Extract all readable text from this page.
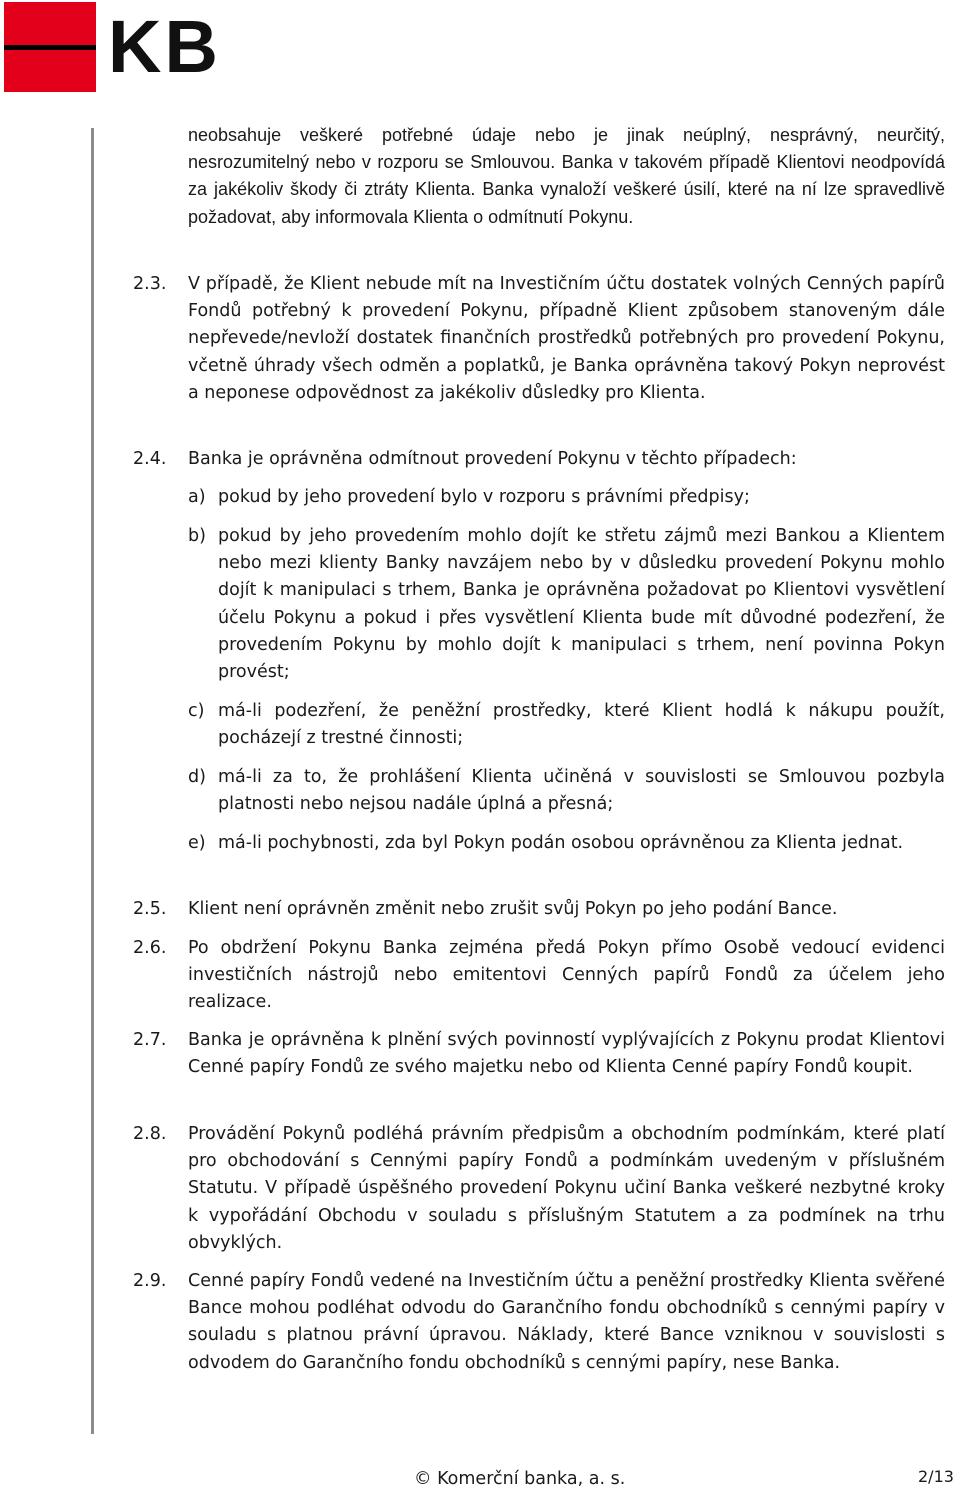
KB

neobsahuje veškeré potřebné údaje nebo je jinak neúplný, nesprávný, neurčitý, nesrozumitelný nebo v rozporu se Smlouvou. Banka v takovém případě Klientovi neodpovídá za jakékoliv škody či ztráty Klienta. Banka vynaloží veškeré úsilí, které na ní lze spravedlivě požadovat, aby informovala Klienta o odmítnutí Pokynu.

2.3. V případě, že Klient nebude mít na Investičním účtu dostatek volných Cenných papírů Fondů potřebný k provedení Pokynu, případně Klient způsobem stanoveným dále nepřevede/nevloží dostatek finančních prostředků potřebných pro provedení Pokynu, včetně úhrady všech odměn a poplatků, je Banka oprávněna takový Pokyn neprovést a neponese odpovědnost za jakékoliv důsledky pro Klienta.

2.4. Banka je oprávněna odmítnout provedení Pokynu v těchto případech:

a) pokud by jeho provedení bylo v rozporu s právními předpisy;

b) pokud by jeho provedením mohlo dojít ke střetu zájmů mezi Bankou a Klientem nebo mezi klienty Banky navzájem nebo by v důsledku provedení Pokynu mohlo dojít k manipulaci s trhem, Banka je oprávněna požadovat po Klientovi vysvětlení účelu Pokynu a pokud i přes vysvětlení Klienta bude mít důvodné podezření, že provedením Pokynu by mohlo dojít k manipulaci s trhem, není povinna Pokyn provést;

c) má-li podezření, že peněžní prostředky, které Klient hodlá k nákupu použít, pocházejí z trestné činnosti;

d) má-li za to, že prohlášení Klienta učiněná v souvislosti se Smlouvou pozbyla platnosti nebo nejsou nadále úplná a přesná;

e) má-li pochybnosti, zda byl Pokyn podán osobou oprávněnou za Klienta jednat.

2.5. Klient není oprávněn změnit nebo zrušit svůj Pokyn po jeho podání Bance.

2.6. Po obdržení Pokynu Banka zejména předá Pokyn přímo Osobě vedoucí evidenci investičních nástrojů nebo emitentovi Cenných papírů Fondů za účelem jeho realizace.

2.7. Banka je oprávněna k plnění svých povinností vyplývajících z Pokynu prodat Klientovi Cenné papíry Fondů ze svého majetku nebo od Klienta Cenné papíry Fondů koupit.

2.8. Provádění Pokynů podléhá právním předpisům a obchodním podmínkám, které platí pro obchodování s Cennými papíry Fondů a podmínkám uvedeným v příslušném Statutu. V případě úspěšného provedení Pokynu učiní Banka veškeré nezbytné kroky k vypořádání Obchodu v souladu s příslušným Statutem a za podmínek na trhu obvyklých.

2.9. Cenné papíry Fondů vedené na Investičním účtu a peněžní prostředky Klienta svěřené Bance mohou podléhat odvodu do Garančního fondu obchodníků s cennými papíry v souladu s platnou právní úpravou. Náklady, které Bance vzniknou v souvislosti s odvodem do Garančního fondu obchodníků s cennými papíry, nese Banka.

© Komerční banka, a. s.	2/13
